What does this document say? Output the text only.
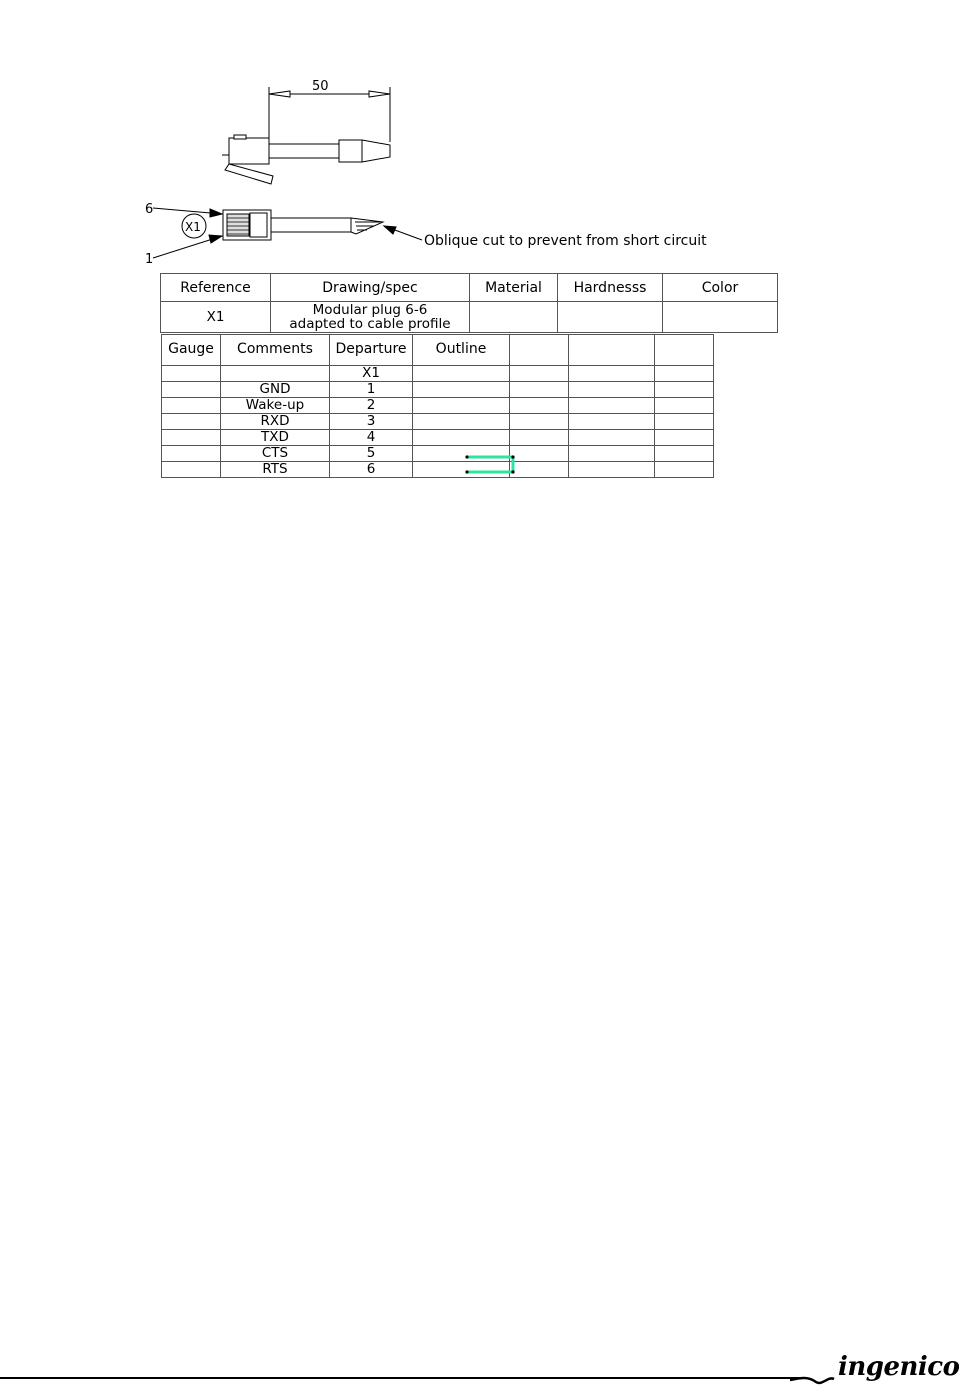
50
6
1
X1
Oblique cut to prevent from short circuit
Reference	Drawing/spec	Material	Hardnesss	Color
X1	Modular plug 6-6
adapted to cable profile			

Gauge	Comments	Departure	Outline			
		X1				
	GND	1				
	Wake-up	2				
	RXD	3				
	TXD	4				
	CTS	5				
	RTS	6				
ingenico
